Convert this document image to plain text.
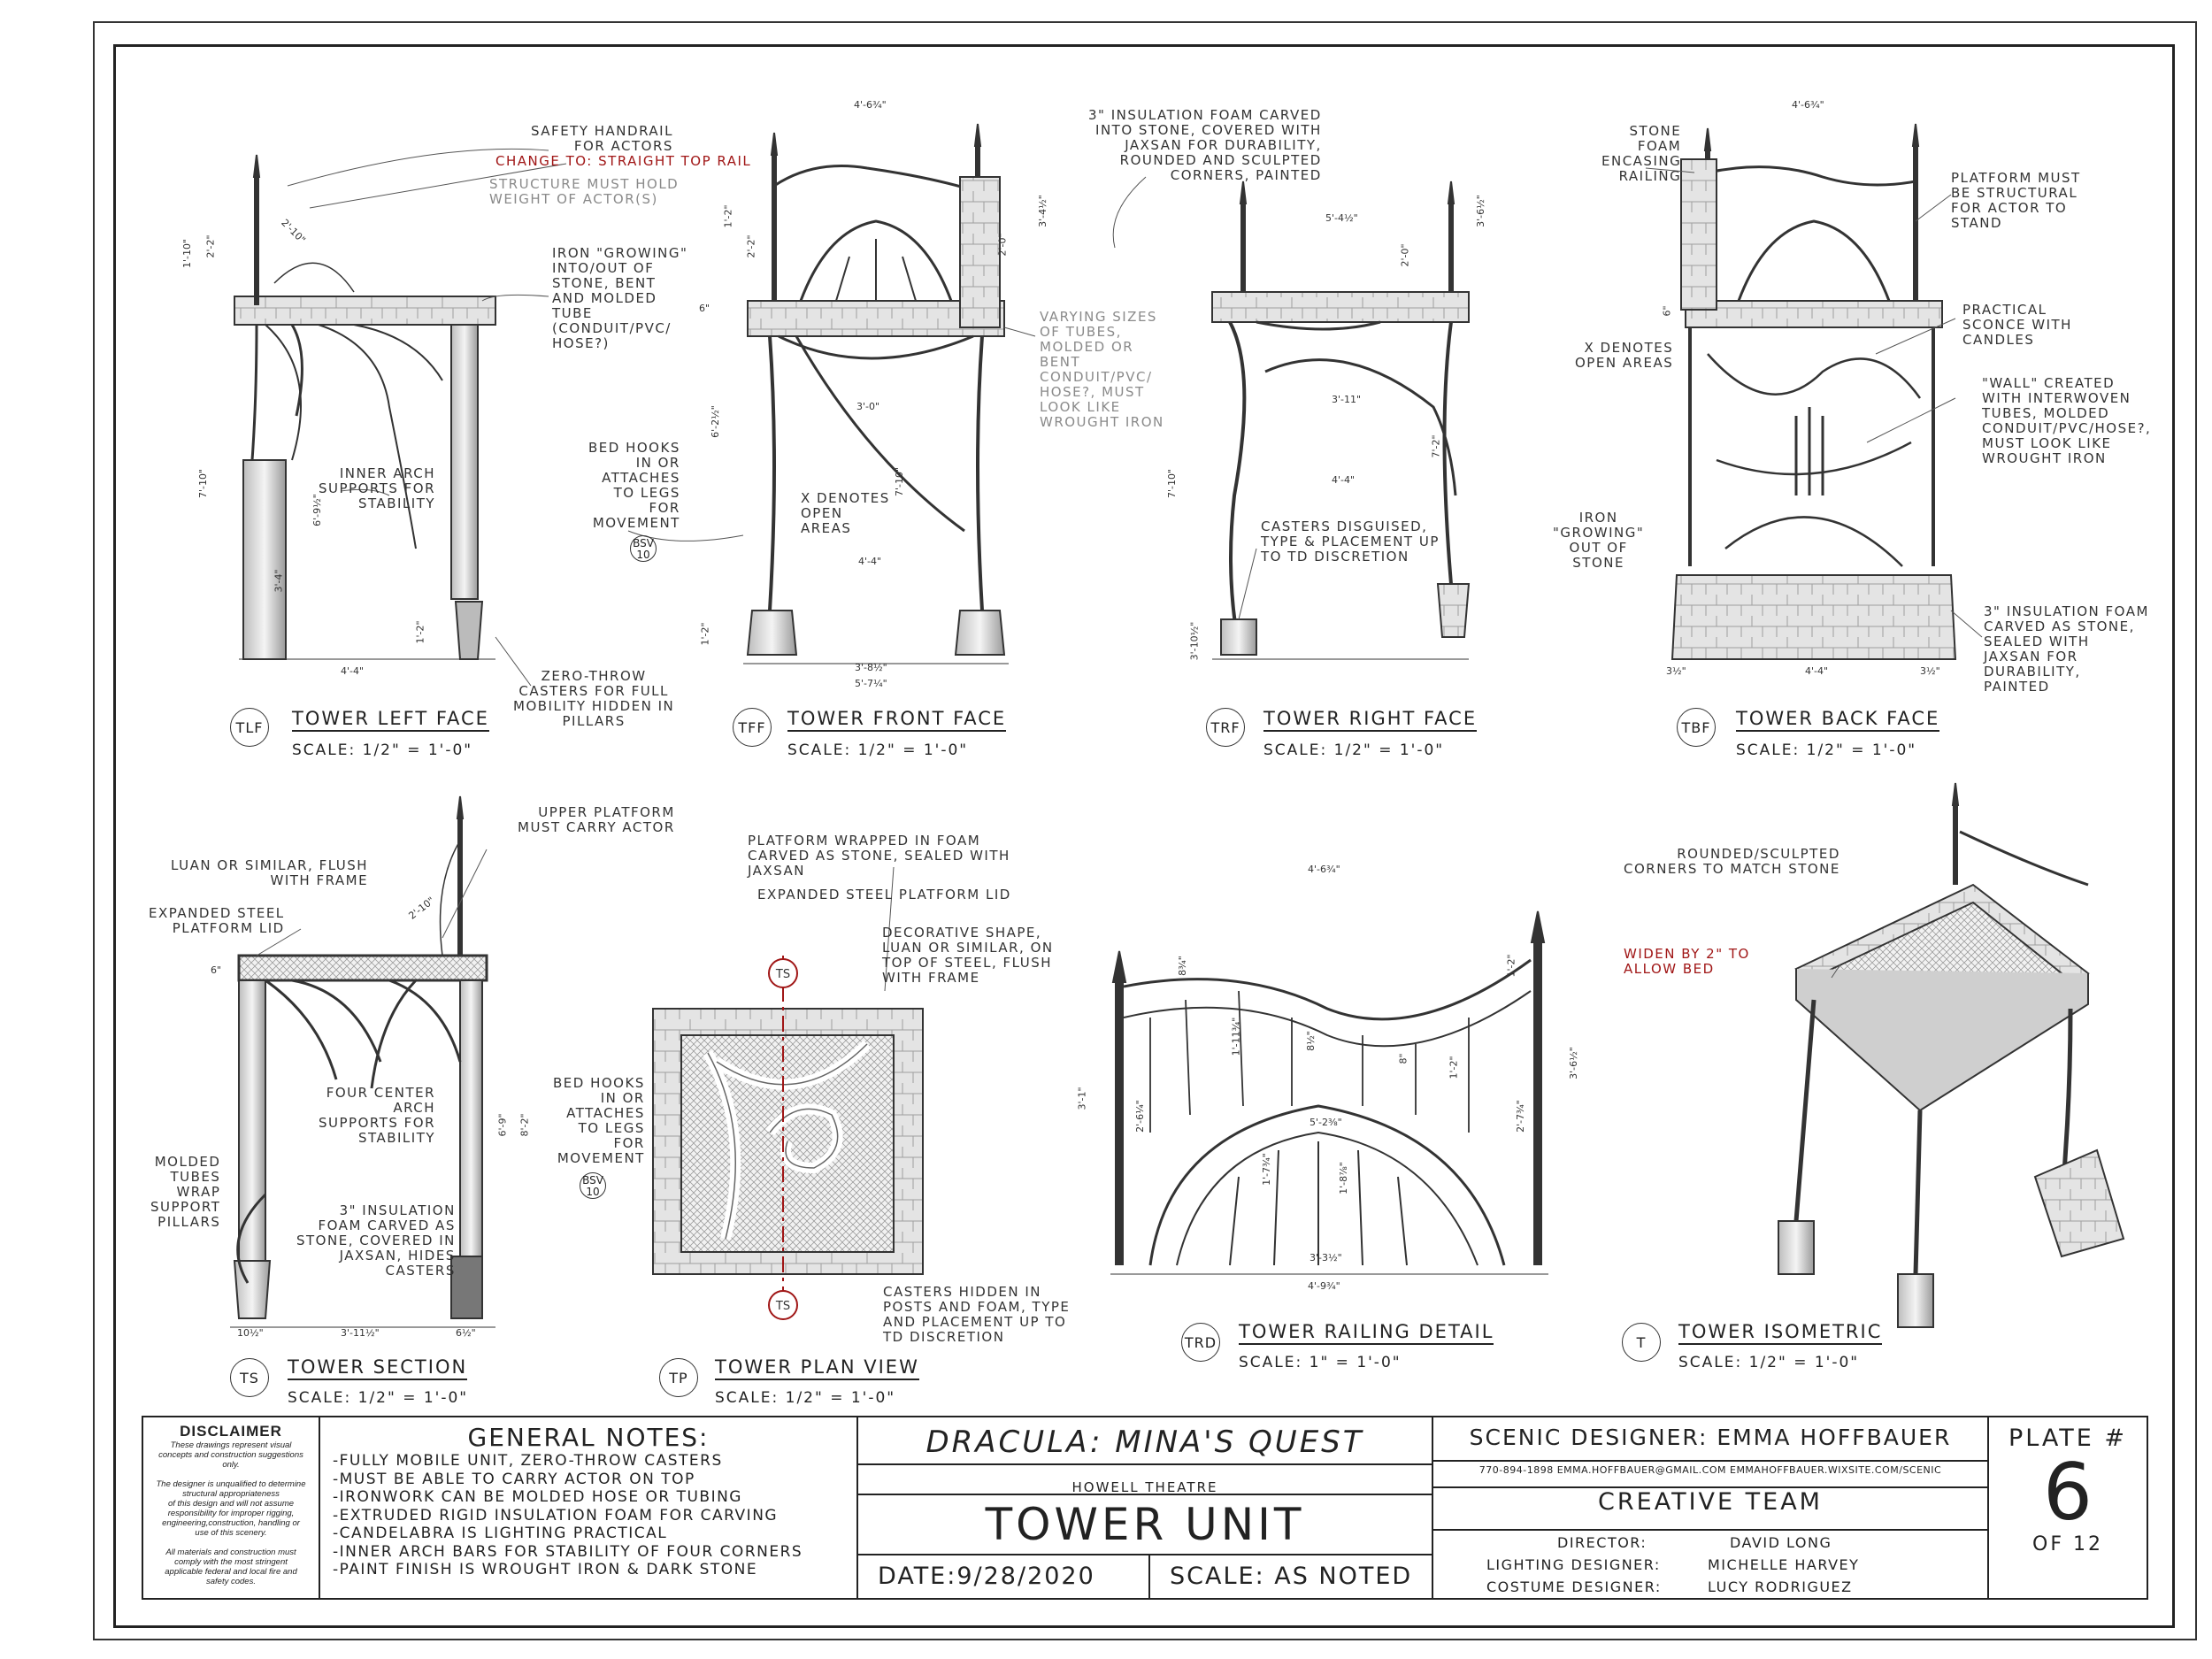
TS
TS
SAFETY HANDRAIL
FOR ACTORS
CHANGE TO: STRAIGHT TOP RAIL
STRUCTURE MUST HOLD
WEIGHT OF ACTOR(S)
IRON "GROWING"
INTO/OUT OF
STONE, BENT
AND MOLDED
TUBE
(CONDUIT/PVC/
HOSE?)
INNER ARCH
SUPPORTS FOR
STABILITY
ZERO-THROW
CASTERS FOR FULL
MOBILITY HIDDEN IN
PILLARS
BED HOOKS
IN OR
ATTACHES
TO LEGS
FOR
MOVEMENT
BSV
10
VARYING SIZES
OF TUBES,
MOLDED OR
BENT
CONDUIT/PVC/
HOSE?, MUST
LOOK LIKE
WROUGHT IRON
X DENOTES
OPEN
AREAS
3" INSULATION FOAM CARVED
INTO STONE, COVERED WITH
JAXSAN FOR DURABILITY,
ROUNDED AND SCULPTED
CORNERS, PAINTED
X DENOTES
OPEN AREAS
CASTERS DISGUISED,
TYPE & PLACEMENT UP
TO TD DISCRETION
STONE
FOAM
ENCASING
RAILING	PLATFORM MUST
BE STRUCTURAL
FOR ACTOR TO
STAND
PRACTICAL
SCONCE WITH
CANDLES
"WALL" CREATED
WITH INTERWOVEN
TUBES, MOLDED
CONDUIT/PVC/HOSE?,
MUST LOOK LIKE
WROUGHT IRON
IRON
"GROWING"
OUT OF
STONE
3" INSULATION FOAM
CARVED AS STONE,
SEALED WITH
JAXSAN FOR
DURABILITY,
PAINTED
UPPER PLATFORM
MUST CARRY ACTOR
LUAN OR SIMILAR, FLUSH
WITH FRAME
EXPANDED STEEL
PLATFORM LID
FOUR CENTER
ARCH
SUPPORTS FOR
STABILITY
MOLDED
TUBES
WRAP
SUPPORT
PILLARS
3" INSULATION
FOAM CARVED AS
STONE, COVERED IN
JAXSAN, HIDES
CASTERS
PLATFORM WRAPPED IN FOAM
CARVED AS STONE, SEALED WITH
JAXSAN
EXPANDED STEEL PLATFORM LID
DECORATIVE SHAPE,
LUAN OR SIMILAR, ON
TOP OF STEEL, FLUSH
WITH FRAME
BED HOOKS
IN OR
ATTACHES
TO LEGS
FOR
MOVEMENT
BSV
10
CASTERS HIDDEN IN
POSTS AND FOAM, TYPE
AND PLACEMENT UP TO
TD DISCRETION
ROUNDED/SCULPTED
CORNERS TO MATCH STONE
WIDEN BY 2" TO
ALLOW BED
2'-10"
2'-2"
1'-10"
7'-10"
6'-9½"
3'-4"
1'-2"
4'-4"
4'-6¾"
3'-4½"
1'-2"
2'-0"
2'-2"
6"
6'-2½"	3'-0"
7'-10"
4'-4"
1'-2"
3'-8½"
5'-7¼"
3'-6½"
5'-4½"
2'-0"
3'-11"
7'-2"
4'-4"
7'-10"
3'-10½"
4'-6¾"
6"
3½"	4'-4"	3½"
2'-10"
6"
6'-9" 8'-2"
10½"	3'-11½"	6½"
4'-6¾"
3'-1"
2'-6¼"
1'-11¾"
1'-7¾"
8½"
8"
1'-2"
5'-2⅜"
1'-8⅞"
2'-7¾"
3'-6½"
1'-2"
3'-3½"
4'-9¾"
8¾"
TLF	TOWER LEFT FACE
SCALE: 1/2" = 1'-0"
TFF	TOWER FRONT FACE
SCALE: 1/2" = 1'-0"
TRF TOWER RIGHT FACE
SCALE: 1/2" = 1'-0"
TBF TOWER BACK FACE
SCALE: 1/2" = 1'-0"
TS	TOWER SECTION
SCALE: 1/2" = 1'-0"
TP	TOWER PLAN VIEW
SCALE: 1/2" = 1'-0"
TRD TOWER RAILING DETAIL
SCALE: 1" = 1'-0"
T	TOWER ISOMETRIC
SCALE: 1/2" = 1'-0"
DISCLAIMER
These drawings represent visual
concepts and construction suggestions
only.

The designer is unqualified to determine
structural appropriateness
of this design and will not assume
responsibility for improper rigging,
engineering,construction, handling or
use of this scenery.

All materials and construction must
comply with the most stringent
applicable federal and local fire and
safety codes.
GENERAL NOTES:
-FULLY MOBILE UNIT, ZERO-THROW CASTERS
-MUST BE ABLE TO CARRY ACTOR ON TOP
-IRONWORK CAN BE MOLDED HOSE OR TUBING
-EXTRUDED RIGID INSULATION FOAM FOR CARVING
-CANDELABRA IS LIGHTING PRACTICAL
-INNER ARCH BARS FOR STABILITY OF FOUR CORNERS
-PAINT FINISH IS WROUGHT IRON & DARK STONE
DRACULA: MINA'S QUEST
HOWELL THEATRE
TOWER UNIT
DATE:9/28/2020	SCALE: AS NOTED
SCENIC DESIGNER: EMMA HOFFBAUER
770-894-1898 EMMA.HOFFBAUER@GMAIL.COM EMMAHOFFBAUER.WIXSITE.COM/SCENIC
CREATIVE TEAM
DIRECTOR:	DAVID LONG
LIGHTING DESIGNER:	MICHELLE HARVEY
COSTUME DESIGNER:	LUCY RODRIGUEZ
PLATE #
6
OF 12
